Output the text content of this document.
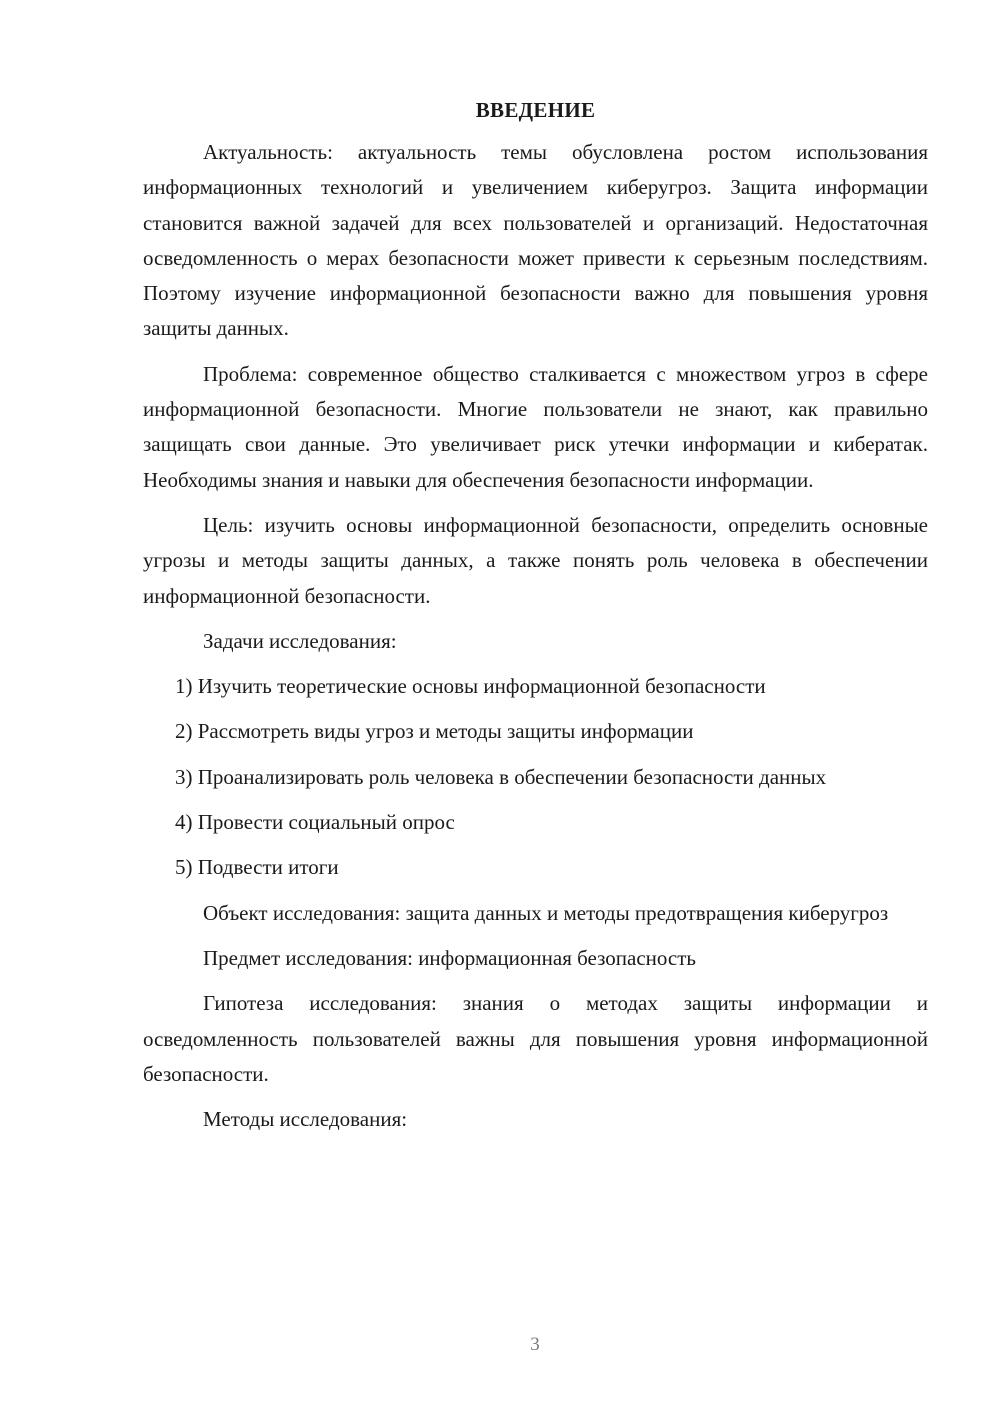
ВВЕДЕНИЕ

Актуальность: актуальность темы обусловлена ростом использования информационных технологий и увеличением киберугроз. Защита информации становится важной задачей для всех пользователей и организаций. Недостаточная осведомленность о мерах безопасности может привести к серьезным последствиям. Поэтому изучение информационной безопасности важно для повышения уровня защиты данных.

Проблема: современное общество сталкивается с множеством угроз в сфере информационной безопасности. Многие пользователи не знают, как правильно защищать свои данные. Это увеличивает риск утечки информации и кибератак. Необходимы знания и навыки для обеспечения безопасности информации.

Цель: изучить основы информационной безопасности, определить основные угрозы и методы защиты данных, а также понять роль человека в обеспечении информационной безопасности.

Задачи исследования:

1) Изучить теоретические основы информационной безопасности

2) Рассмотреть виды угроз и методы защиты информации

3) Проанализировать роль человека в обеспечении безопасности данных

4) Провести социальный опрос

5) Подвести итоги

Объект исследования: защита данных и методы предотвращения киберугроз

Предмет исследования: информационная безопасность

Гипотеза исследования: знания о методах защиты информации и осведомленность пользователей важны для повышения уровня информационной безопасности.

Методы исследования:

3
